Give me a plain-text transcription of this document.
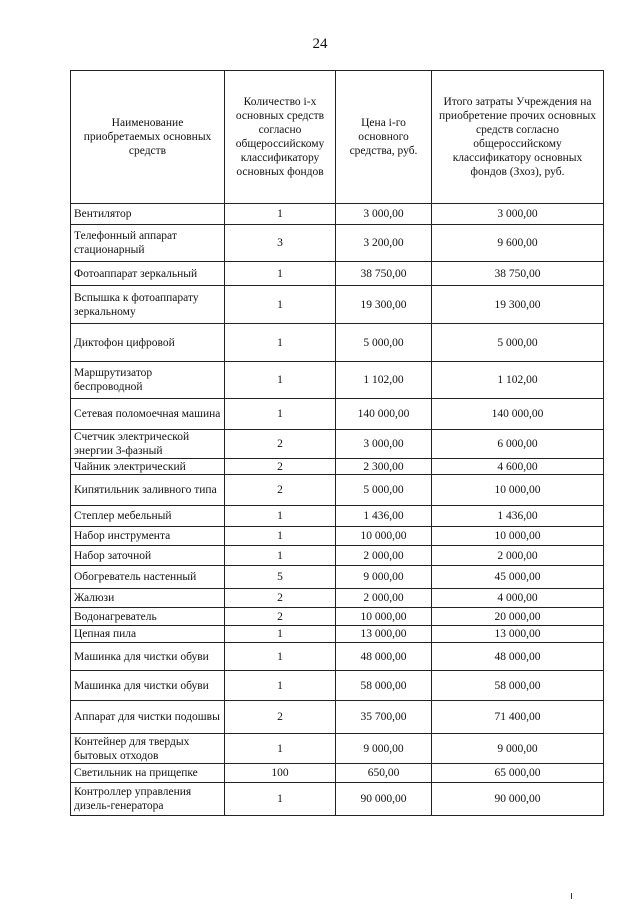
24
Наименование приобретаемых основных средств	Количество i-х основных средств согласно общероссийскому классификатору основных фондов	Цена i-го основного средства, руб.	Итого затраты Учреждения на приобретение прочих основных средств согласно общероссийскому классификатору основных фондов (Зхоз), руб.
Вентилятор	1	3 000,00	3 000,00
Телефонный аппарат стационарный	3	3 200,00	9 600,00
Фотоаппарат зеркальный	1	38 750,00	38 750,00
Вспышка к фотоаппарату зеркальному	1	19 300,00	19 300,00
Диктофон цифровой	1	5 000,00	5 000,00
Маршрутизатор беспроводной	1	1 102,00	1 102,00
Сетевая поломоечная машина	1	140 000,00	140 000,00
Счетчик электрической энергии 3-фазный	2	3 000,00	6 000,00
Чайник электрический	2	2 300,00	4 600,00
Кипятильник заливного типа	2	5 000,00	10 000,00
Степлер мебельный	1	1 436,00	1 436,00
Набор инструмента	1	10 000,00	10 000,00
Набор заточной	1	2 000,00	2 000,00
Обогреватель настенный	5	9 000,00	45 000,00
Жалюзи	2	2 000,00	4 000,00
Водонагреватель	2	10 000,00	20 000,00
Цепная пила	1	13 000,00	13 000,00
Машинка для чистки обуви	1	48 000,00	48 000,00
Машинка для чистки обуви	1	58 000,00	58 000,00
Аппарат для чистки подошвы	2	35 700,00	71 400,00
Контейнер для твердых бытовых отходов	1	9 000,00	9 000,00
Светильник на прищепке	100	650,00	65 000,00
Контроллер управления дизель-генератора	1	90 000,00	90 000,00
